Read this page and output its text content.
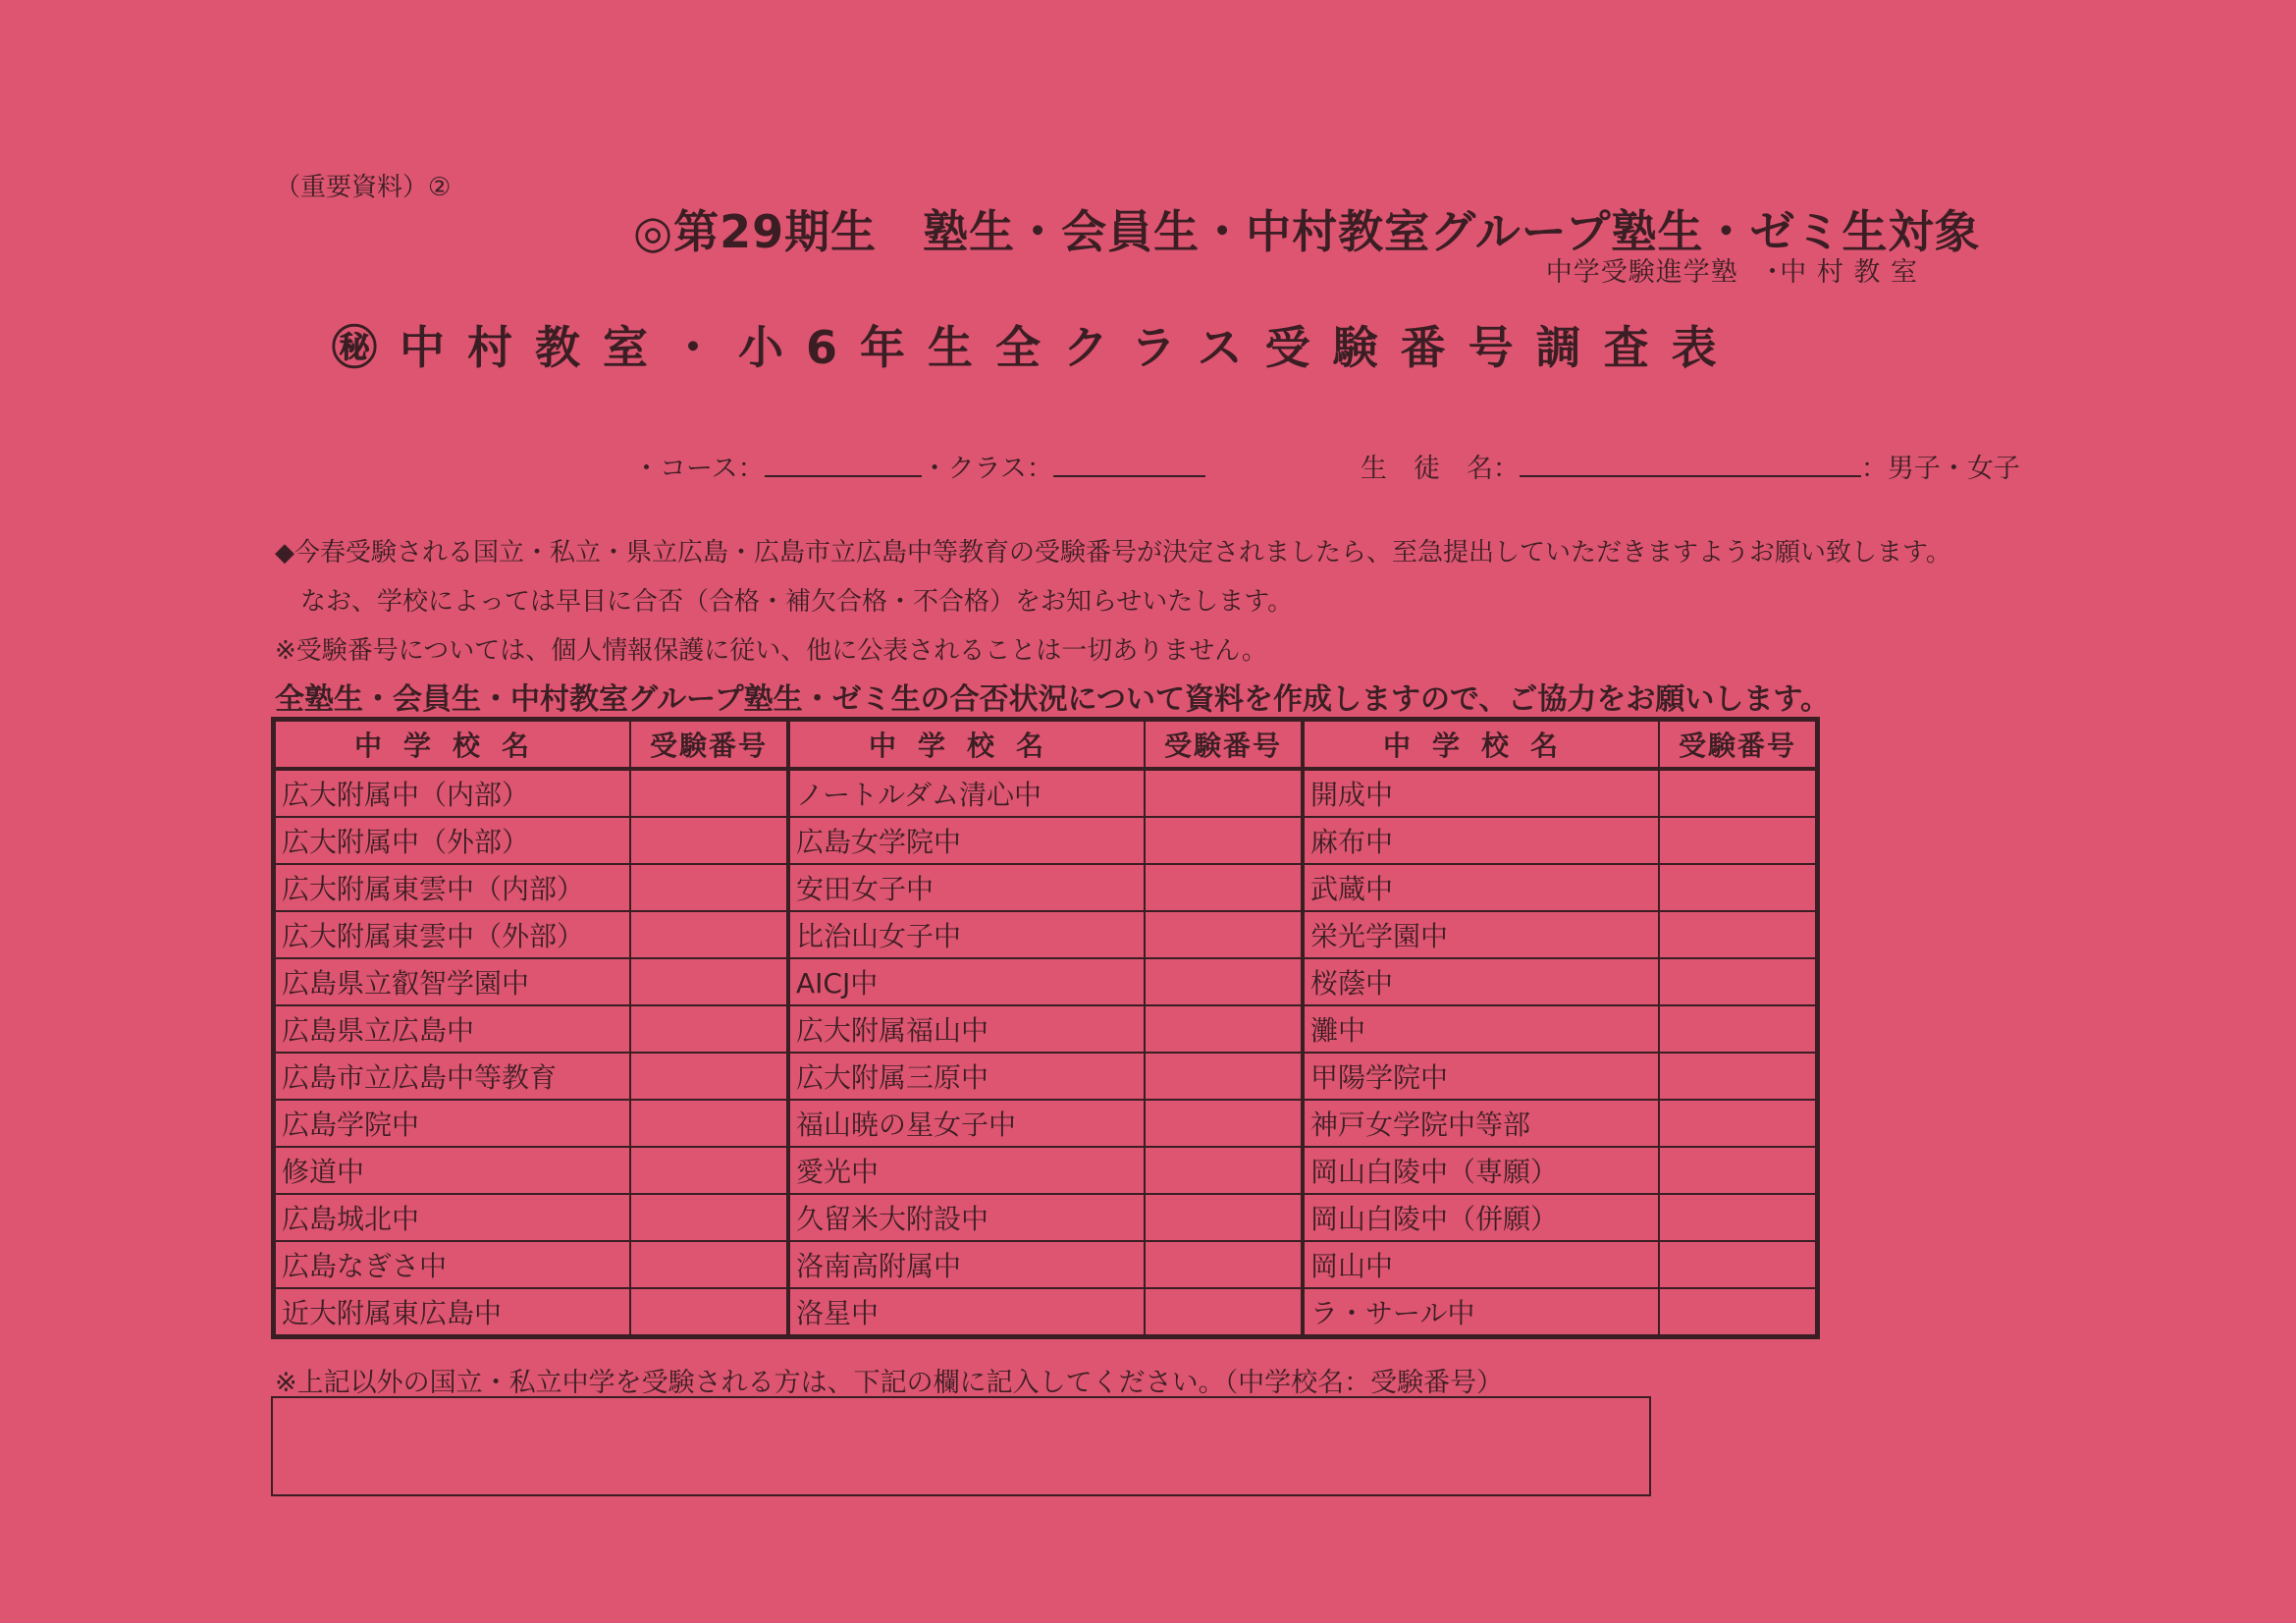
（重要資料）②
◎第29期生　塾生・会員生・中村教室グループ塾生・ゼミ生対象
中学受験進学塾　･中 村 教 室
㊙中村教室・小6年生全クラス受験番号調査表
・コース：	・クラス：	生　徒　名：	：男子・女子
◆今春受験される国立・私立・県立広島・広島市立広島中等教育の受験番号が決定されましたら、至急提出していただきますようお願い致します。
　なお、学校によっては早目に合否（合格・補欠合格・不合格）をお知らせいたします。
※受験番号については、個人情報保護に従い、他に公表されることは一切ありません。
全塾生・会員生・中村教室グループ塾生・ゼミ生の合否状況について資料を作成しますので、ご協力をお願いします。
中学校名	受験番号	中学校名	受験番号	中学校名	受験番号
広大附属中（内部）		ノートルダム清心中		開成中	
広大附属中（外部）		広島女学院中		麻布中	
広大附属東雲中（内部）		安田女子中		武蔵中	
広大附属東雲中（外部）		比治山女子中		栄光学園中	
広島県立叡智学園中		AICJ中		桜蔭中	
広島県立広島中		広大附属福山中		灘中	
広島市立広島中等教育		広大附属三原中		甲陽学院中	
広島学院中		福山暁の星女子中		神戸女学院中等部	
修道中		愛光中		岡山白陵中（専願）	
広島城北中		久留米大附設中		岡山白陵中（併願）	
広島なぎさ中		洛南高附属中		岡山中	
近大附属東広島中		洛星中		ラ・サール中	
※上記以外の国立・私立中学を受験される方は、下記の欄に記入してください。（中学校名：受験番号）
